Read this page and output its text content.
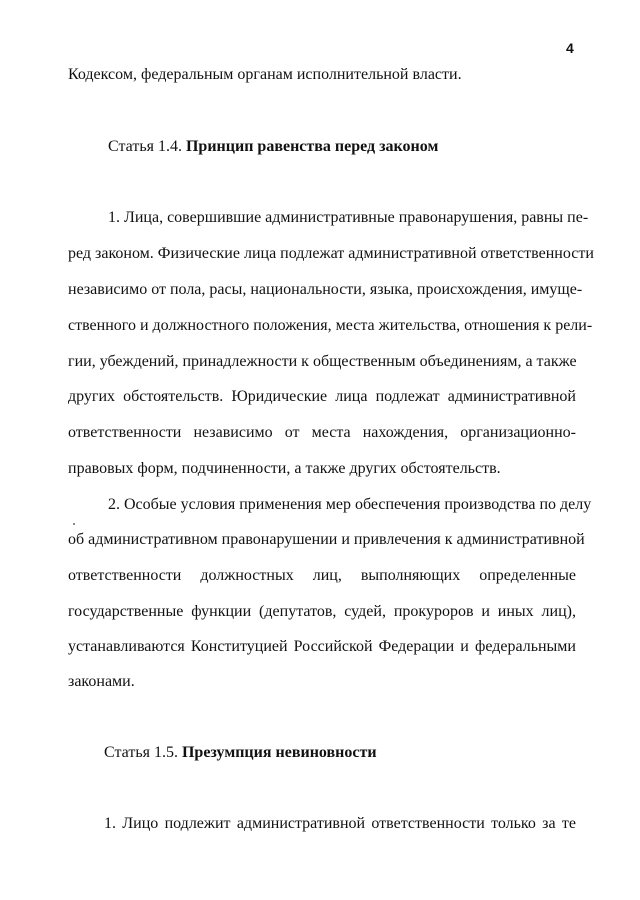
4
Кодексом, федеральным органам исполнительной власти.
Статья 1.4. Принцип равенства перед законом
1. Лица, совершившие административные правонарушения, равны пе-
ред законом. Физические лица подлежат административной ответственности
независимо от пола, расы, национальности, языка, происхождения, имуще-
ственного и должностного положения, места жительства, отношения к рели-
гии, убеждений, принадлежности к общественным объединениям, а также
других обстоятельств. Юридические лица подлежат административной
ответственности независимо от места нахождения, организационно-
правовых форм, подчиненности, а также других обстоятельств.
2. Особые условия применения мер обеспечения производства по делу
об административном правонарушении и привлечения к административной
ответственности должностных лиц, выполняющих определенные
государственные функции (депутатов, судей, прокуроров и иных лиц),
устанавливаются Конституцией Российской Федерации и федеральными
законами.
Статья 1.5. Презумпция невиновности
1. Лицо подлежит административной ответственности только за те
